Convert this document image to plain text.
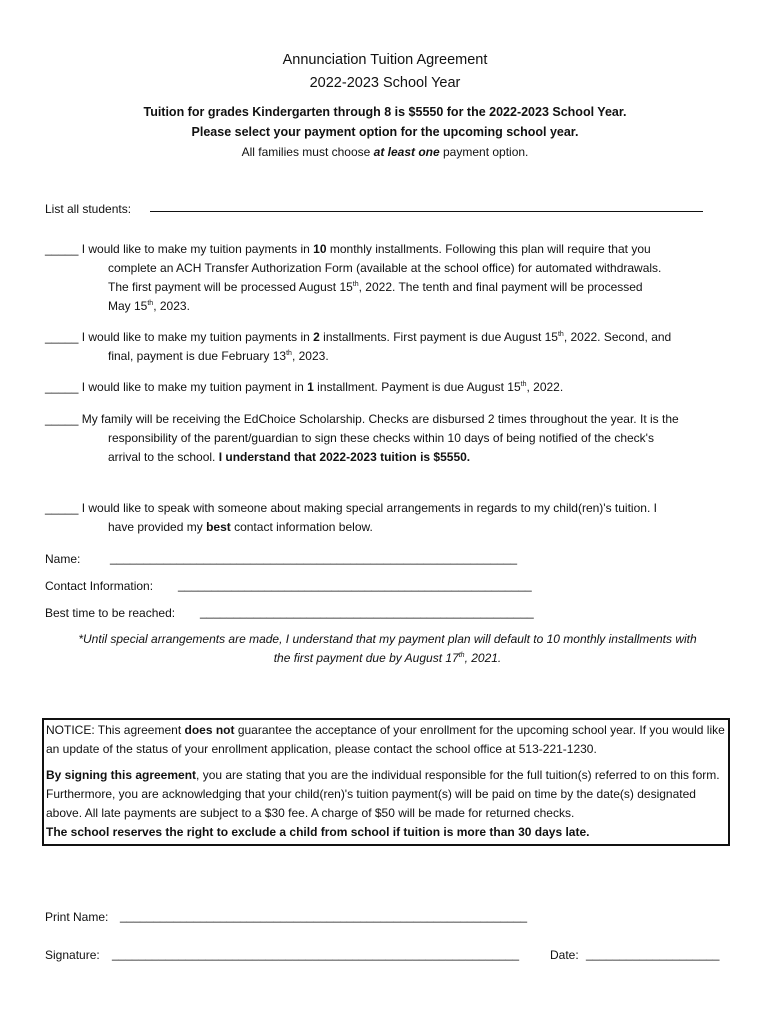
Annunciation Tuition Agreement
2022-2023 School Year
Tuition for grades Kindergarten through 8 is $5550 for the 2022-2023 School Year.
Please select your payment option for the upcoming school year.
All families must choose at least one payment option.
List all students:
_____ I would like to make my tuition payments in 10 monthly installments. Following this plan will require that you
complete an ACH Transfer Authorization Form (available at the school office) for automated withdrawals.
The first payment will be processed August 15th, 2022. The tenth and final payment will be processed
May 15th, 2023.
_____ I would like to make my tuition payments in 2 installments. First payment is due August 15th, 2022. Second, and
final, payment is due February 13th, 2023.
_____ I would like to make my tuition payment in 1 installment. Payment is due August 15th, 2022.
_____ My family will be receiving the EdChoice Scholarship. Checks are disbursed 2 times throughout the year. It is the
responsibility of the parent/guardian to sign these checks within 10 days of being notified of the check's
arrival to the school. I understand that 2022-2023 tuition is $5550.
_____ I would like to speak with someone about making special arrangements in regards to my child(ren)'s tuition. I
have provided my best contact information below.
Name: _____________________________________________________________
Contact Information: _____________________________________________________
Best time to be reached: __________________________________________________
*Until special arrangements are made, I understand that my payment plan will default to 10 monthly installments with
the first payment due by August 17th, 2021.

NOTICE: This agreement does not guarantee the acceptance of your enrollment for the upcoming school year. If you would like an update of the status of your enrollment application, please contact the school office at 513-221-1230.

By signing this agreement, you are stating that you are the individual responsible for the full tuition(s) referred to on this form. Furthermore, you are acknowledging that your child(ren)'s tuition payment(s) will be paid on time by the date(s) designated above. All late payments are subject to a $30 fee. A charge of $50 will be made for returned checks.
The school reserves the right to exclude a child from school if tuition is more than 30 days late.

Print Name: _____________________________________________________________
Signature: _____________________________________________________________	Date: ____________________
